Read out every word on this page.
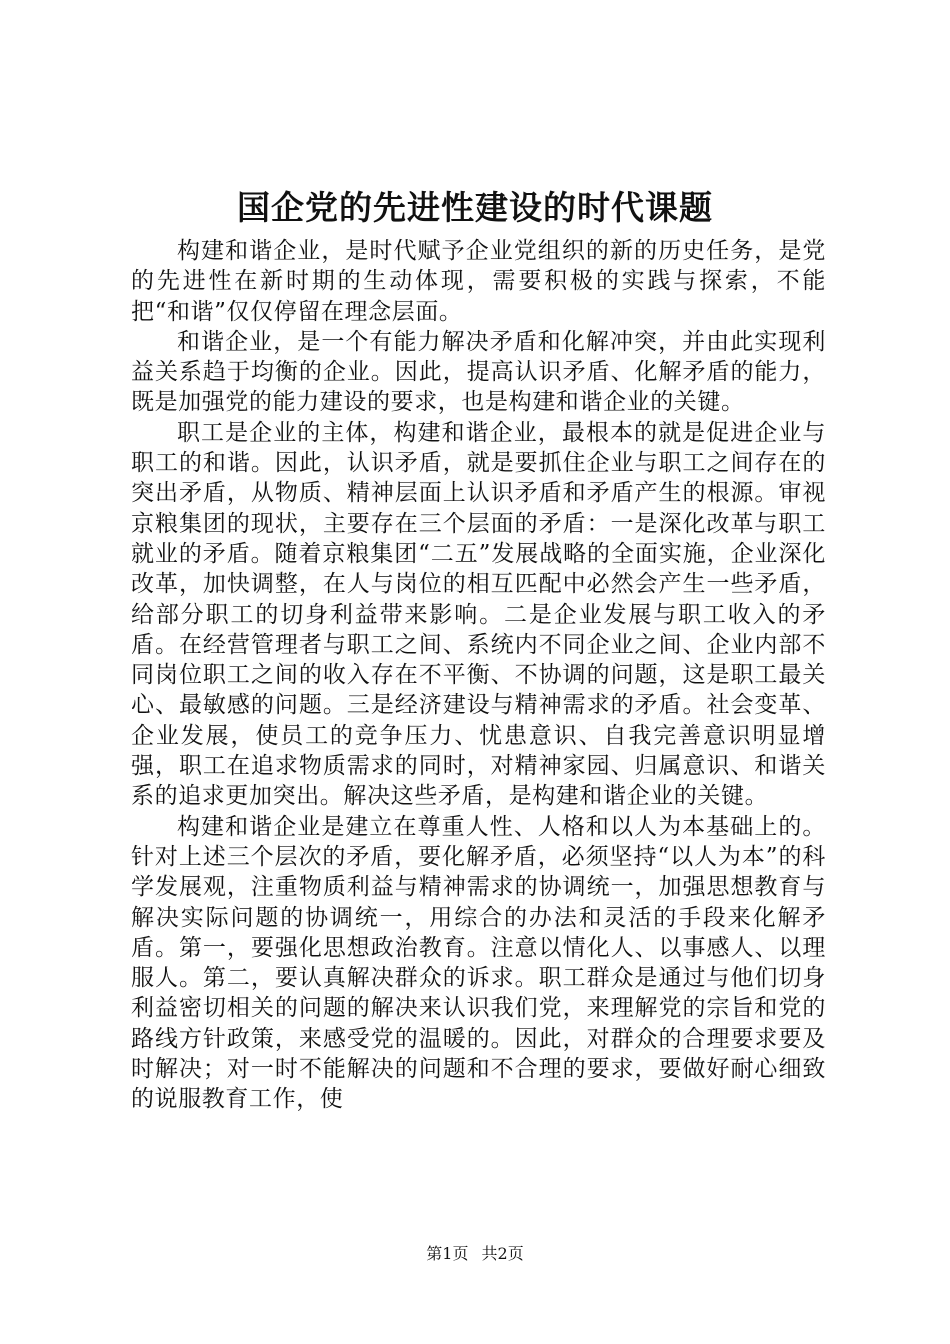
国企党的先进性建设的时代课题

构建和谐企业，是时代赋予企业党组织的新的历史任务，是党的先进性在新时期的生动体现，需要积极的实践与探索，不能把“和谐”仅仅停留在理念层面。

和谐企业，是一个有能力解决矛盾和化解冲突，并由此实现利益关系趋于均衡的企业。因此，提高认识矛盾、化解矛盾的能力，既是加强党的能力建设的要求，也是构建和谐企业的关键。

职工是企业的主体，构建和谐企业，最根本的就是促进企业与职工的和谐。因此，认识矛盾，就是要抓住企业与职工之间存在的突出矛盾，从物质、精神层面上认识矛盾和矛盾产生的根源。审视京粮集团的现状，主要存在三个层面的矛盾：一是深化改革与职工就业的矛盾。随着京粮集团“二五”发展战略的全面实施，企业深化改革，加快调整，在人与岗位的相互匹配中必然会产生一些矛盾，给部分职工的切身利益带来影响。二是企业发展与职工收入的矛盾。在经营管理者与职工之间、系统内不同企业之间、企业内部不同岗位职工之间的收入存在不平衡、不协调的问题，这是职工最关心、最敏感的问题。三是经济建设与精神需求的矛盾。社会变革、企业发展，使员工的竞争压力、忧患意识、自我完善意识明显增强，职工在追求物质需求的同时，对精神家园、归属意识、和谐关系的追求更加突出。解决这些矛盾，是构建和谐企业的关键。

构建和谐企业是建立在尊重人性、人格和以人为本基础上的。针对上述三个层次的矛盾，要化解矛盾，必须坚持“以人为本”的科学发展观，注重物质利益与精神需求的协调统一，加强思想教育与解决实际问题的协调统一，用综合的办法和灵活的手段来化解矛盾。第一，要强化思想政治教育。注意以情化人、以事感人、以理服人。第二，要认真解决群众的诉求。职工群众是通过与他们切身利益密切相关的问题的解决来认识我们党，来理解党的宗旨和党的路线方针政策，来感受党的温暖的。因此，对群众的合理要求要及时解决；对一时不能解决的问题和不合理的要求，要做好耐心细致的说服教育工作，使

第1页 共2页
